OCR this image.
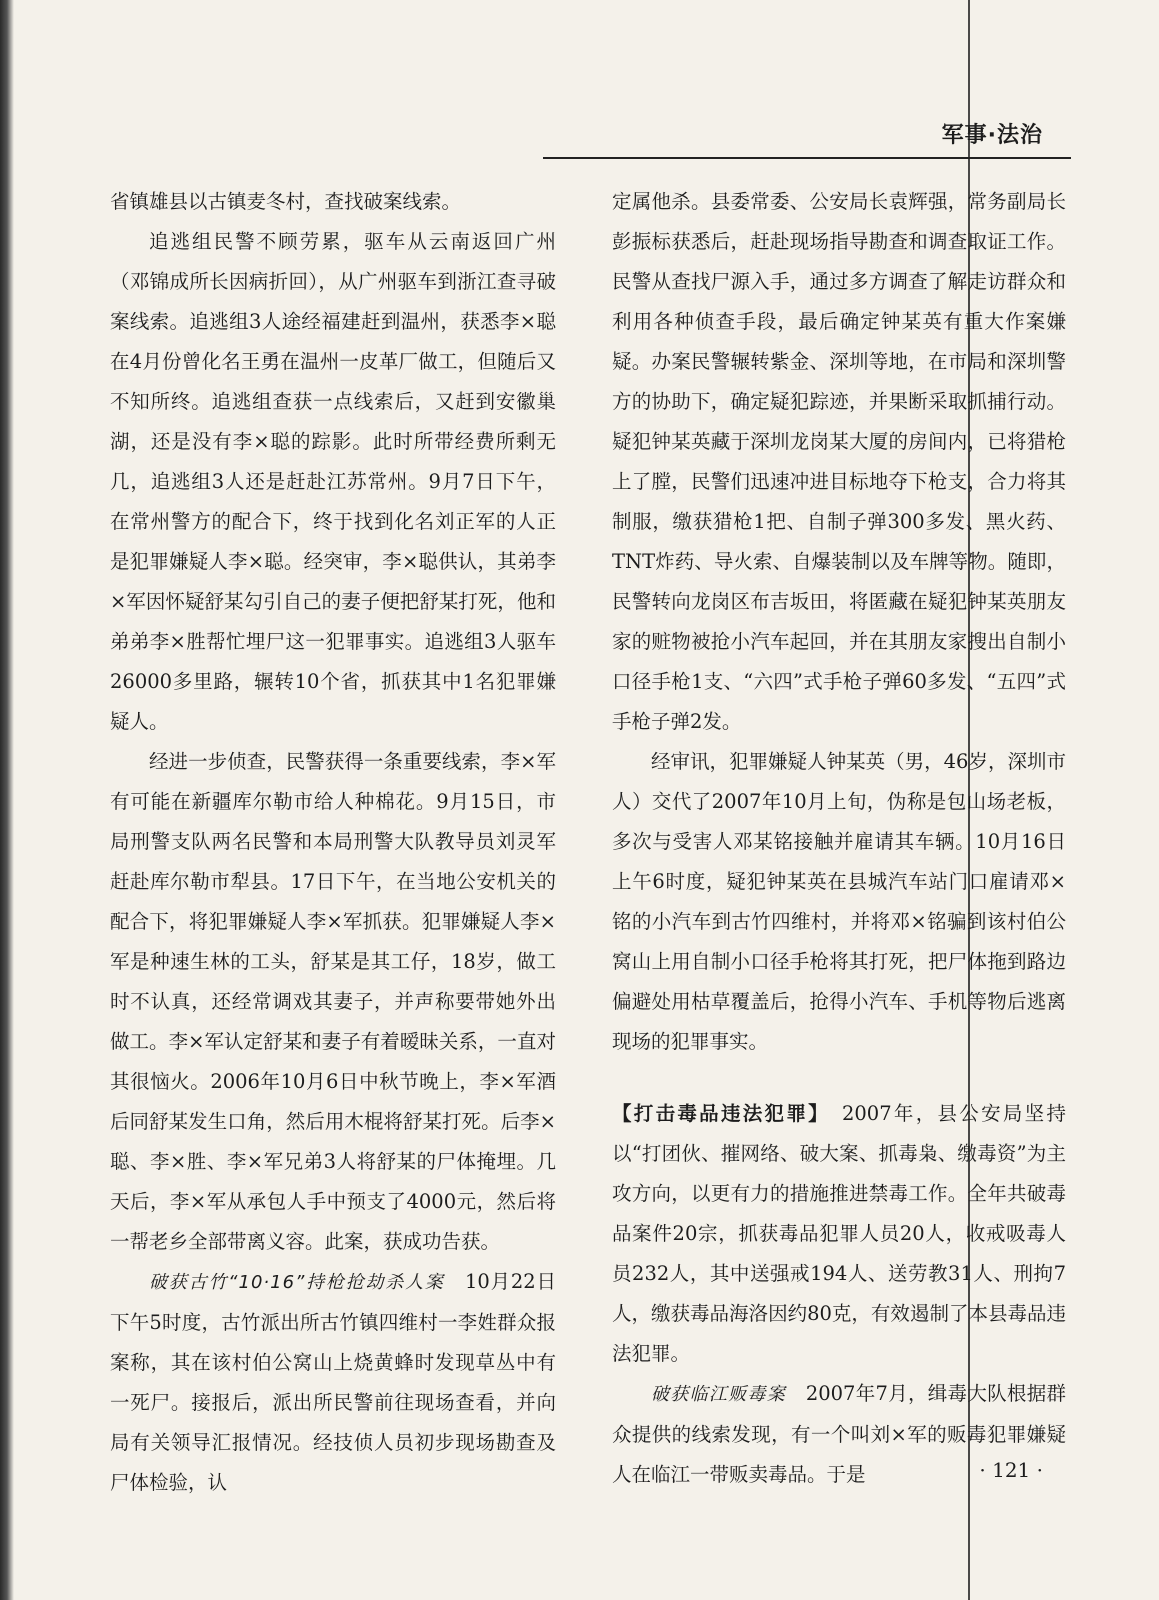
军事·法治

省镇雄县以古镇麦冬村，查找破案线索。

追逃组民警不顾劳累，驱车从云南返回广州（邓锦成所长因病折回），从广州驱车到浙江查寻破案线索。追逃组3人途经福建赶到温州，获悉李×聪在4月份曾化名王勇在温州一皮革厂做工，但随后又不知所终。追逃组查获一点线索后，又赶到安徽巢湖，还是没有李×聪的踪影。此时所带经费所剩无几，追逃组3人还是赶赴江苏常州。9月7日下午，在常州警方的配合下，终于找到化名刘正军的人正是犯罪嫌疑人李×聪。经突审，李×聪供认，其弟李×军因怀疑舒某勾引自己的妻子便把舒某打死，他和弟弟李×胜帮忙埋尸这一犯罪事实。追逃组3人驱车26000多里路，辗转10个省，抓获其中1名犯罪嫌疑人。

经进一步侦查，民警获得一条重要线索，李×军有可能在新疆库尔勒市给人种棉花。9月15日，市局刑警支队两名民警和本局刑警大队教导员刘灵军赶赴库尔勒市犁县。17日下午，在当地公安机关的配合下，将犯罪嫌疑人李×军抓获。犯罪嫌疑人李×军是种速生林的工头，舒某是其工仔，18岁，做工时不认真，还经常调戏其妻子，并声称要带她外出做工。李×军认定舒某和妻子有着暧昧关系，一直对其很恼火。2006年10月6日中秋节晚上，李×军酒后同舒某发生口角，然后用木棍将舒某打死。后李×聪、李×胜、李×军兄弟3人将舒某的尸体掩埋。几天后，李×军从承包人手中预支了4000元，然后将一帮老乡全部带离义容。此案，获成功告获。

破获古竹“10·16”持枪抢劫杀人案　 10月22日下午5时度，古竹派出所古竹镇四维村一李姓群众报案称，其在该村伯公窝山上烧黄蜂时发现草丛中有一死尸。接报后，派出所民警前往现场查看，并向局有关领导汇报情况。经技侦人员初步现场勘查及尸体检验，认

定属他杀。县委常委、公安局长袁辉强，常务副局长彭振标获悉后，赶赴现场指导勘查和调查取证工作。民警从查找尸源入手，通过多方调查了解走访群众和利用各种侦查手段，最后确定钟某英有重大作案嫌疑。办案民警辗转紫金、深圳等地，在市局和深圳警方的协助下，确定疑犯踪迹，并果断采取抓捕行动。疑犯钟某英藏于深圳龙岗某大厦的房间内，已将猎枪上了膛，民警们迅速冲进目标地夺下枪支，合力将其制服，缴获猎枪1把、自制子弹300多发、黑火药、TNT炸药、导火索、自爆装制以及车牌等物。随即，民警转向龙岗区布吉坂田，将匿藏在疑犯钟某英朋友家的赃物被抢小汽车起回，并在其朋友家搜出自制小口径手枪1支、“六四”式手枪子弹60多发、“五四”式手枪子弹2发。

经审讯，犯罪嫌疑人钟某英（男，46岁，深圳市人）交代了2007年10月上旬，伪称是包山场老板，多次与受害人邓某铭接触并雇请其车辆。10月16日上午6时度，疑犯钟某英在县城汽车站门口雇请邓×铭的小汽车到古竹四维村，并将邓×铭骗到该村伯公窝山上用自制小口径手枪将其打死，把尸体拖到路边偏避处用枯草覆盖后，抢得小汽车、手机等物后逃离现场的犯罪事实。

【打击毒品违法犯罪】　 2007年，县公安局坚持以“打团伙、摧网络、破大案、抓毒枭、缴毒资”为主攻方向，以更有力的措施推进禁毒工作。全年共破毒品案件20宗，抓获毒品犯罪人员20人，收戒吸毒人员232人，其中送强戒194人、送劳教31人、刑拘7人，缴获毒品海洛因约80克，有效遏制了本县毒品违法犯罪。

破获临江贩毒案　 2007年7月，缉毒大队根据群众提供的线索发现，有一个叫刘×军的贩毒犯罪嫌疑人在临江一带贩卖毒品。于是	· 121 ·
